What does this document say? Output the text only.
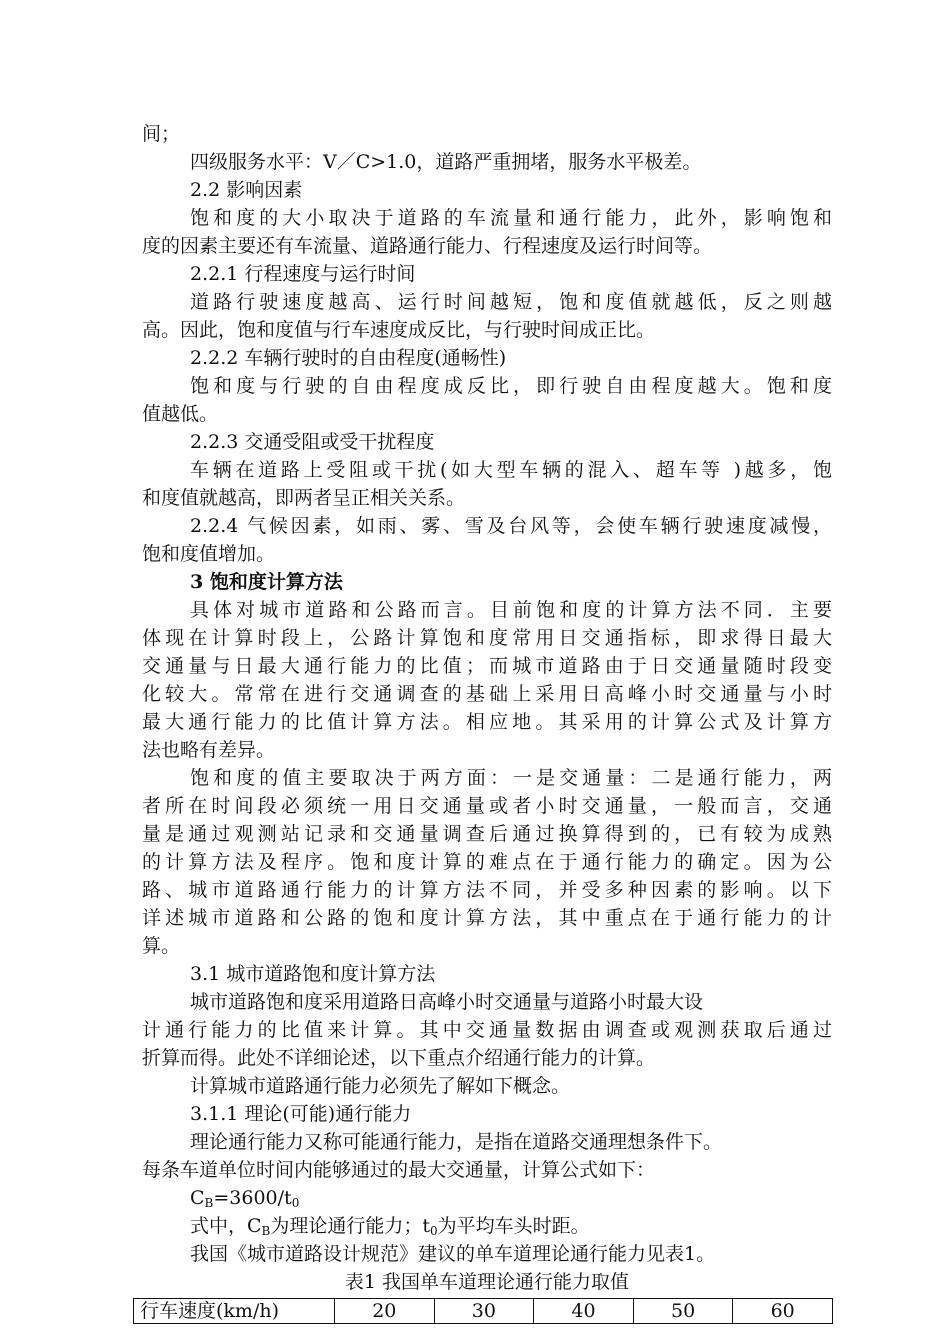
间；
四级服务水平：V／C>1.0，道路严重拥堵，服务水平极差。
2.2 影响因素
饱和度的大小取决于道路的车流量和通行能力，此外，影响饱和
度的因素主要还有车流量、道路通行能力、行程速度及运行时间等。
2.2.1 行程速度与运行时间
道路行驶速度越高、运行时间越短，饱和度值就越低，反之则越
高。因此，饱和度值与行车速度成反比，与行驶时间成正比。
2.2.2 车辆行驶时的自由程度(通畅性)
饱和度与行驶的自由程度成反比，即行驶自由程度越大。饱和度
值越低。
2.2.3 交通受阻或受干扰程度
车辆在道路上受阻或干扰(如大型车辆的混入、超车等 )越多，饱
和度值就越高，即两者呈正相关关系。
2.2.4 气候因素，如雨、雾、雪及台风等，会使车辆行驶速度减慢，
饱和度值增加。
3 饱和度计算方法
具体对城市道路和公路而言。目前饱和度的计算方法不同．主要
体现在计算时段上，公路计算饱和度常用日交通指标，即求得日最大
交通量与日最大通行能力的比值；而城市道路由于日交通量随时段变
化较大。常常在进行交通调查的基础上采用日高峰小时交通量与小时
最大通行能力的比值计算方法。相应地。其采用的计算公式及计算方
法也略有差异。
饱和度的值主要取决于两方面：一是交通量：二是通行能力，两
者所在时间段必须统一用日交通量或者小时交通量，一般而言，交通
量是通过观测站记录和交通量调查后通过换算得到的，已有较为成熟
的计算方法及程序。饱和度计算的难点在于通行能力的确定。因为公
路、城市道路通行能力的计算方法不同，并受多种因素的影响。以下
详述城市道路和公路的饱和度计算方法，其中重点在于通行能力的计
算。
3.1 城市道路饱和度计算方法
城市道路饱和度采用道路日高峰小时交通量与道路小时最大设
计通行能力的比值来计算。其中交通量数据由调查或观测获取后通过
折算而得。此处不详细论述，以下重点介绍通行能力的计算。
计算城市道路通行能力必须先了解如下概念。
3.1.1 理论(可能)通行能力
理论通行能力又称可能通行能力，是指在道路交通理想条件下。
每条车道单位时间内能够通过的最大交通量，计算公式如下：
$C_B=3600/t_0$
式中，$C_B$为理论通行能力；$t_0$为平均车头时距。
我国《城市道路设计规范》建议的单车道理论通行能力见表1。
表1 我国单车道理论通行能力取值
行车速度(km/h)	20	30	40	50	60
